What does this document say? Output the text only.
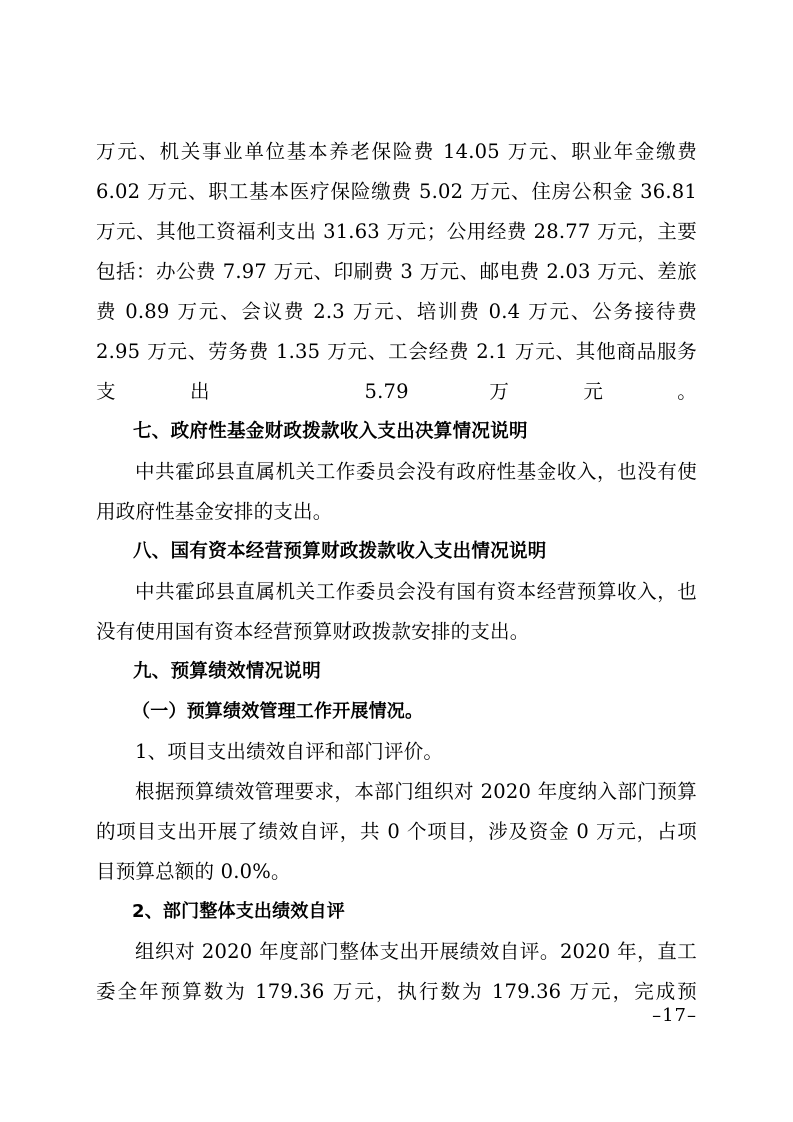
万元、机关事业单位基本养老保险费 14.05 万元、职业年金缴费 6.02 万元、职工基本医疗保险缴费 5.02 万元、住房公积金 36.81 万元、其他工资福利支出 31.63 万元；公用经费 28.77 万元，主要包括：办公费 7.97 万元、印刷费 3 万元、邮电费 2.03 万元、差旅费 0.89 万元、会议费 2.3 万元、培训费 0.4 万元、公务接待费 2.95 万元、劳务费 1.35 万元、工会经费 2.1 万元、其他商品服务支出 5.79 万元。

七、政府性基金财政拨款收入支出决算情况说明

中共霍邱县直属机关工作委员会没有政府性基金收入，也没有使用政府性基金安排的支出。

八、国有资本经营预算财政拨款收入支出情况说明

中共霍邱县直属机关工作委员会没有国有资本经营预算收入，也没有使用国有资本经营预算财政拨款安排的支出。

九、预算绩效情况说明

（一）预算绩效管理工作开展情况。

1、项目支出绩效自评和部门评价。

根据预算绩效管理要求，本部门组织对 2020 年度纳入部门预算的项目支出开展了绩效自评，共 0 个项目，涉及资金 0 万元，占项目预算总额的 0.0%。

2、部门整体支出绩效自评

组织对 2020 年度部门整体支出开展绩效自评。2020 年，直工委全年预算数为 179.36 万元，执行数为 179.36 万元，完成预

–17–
